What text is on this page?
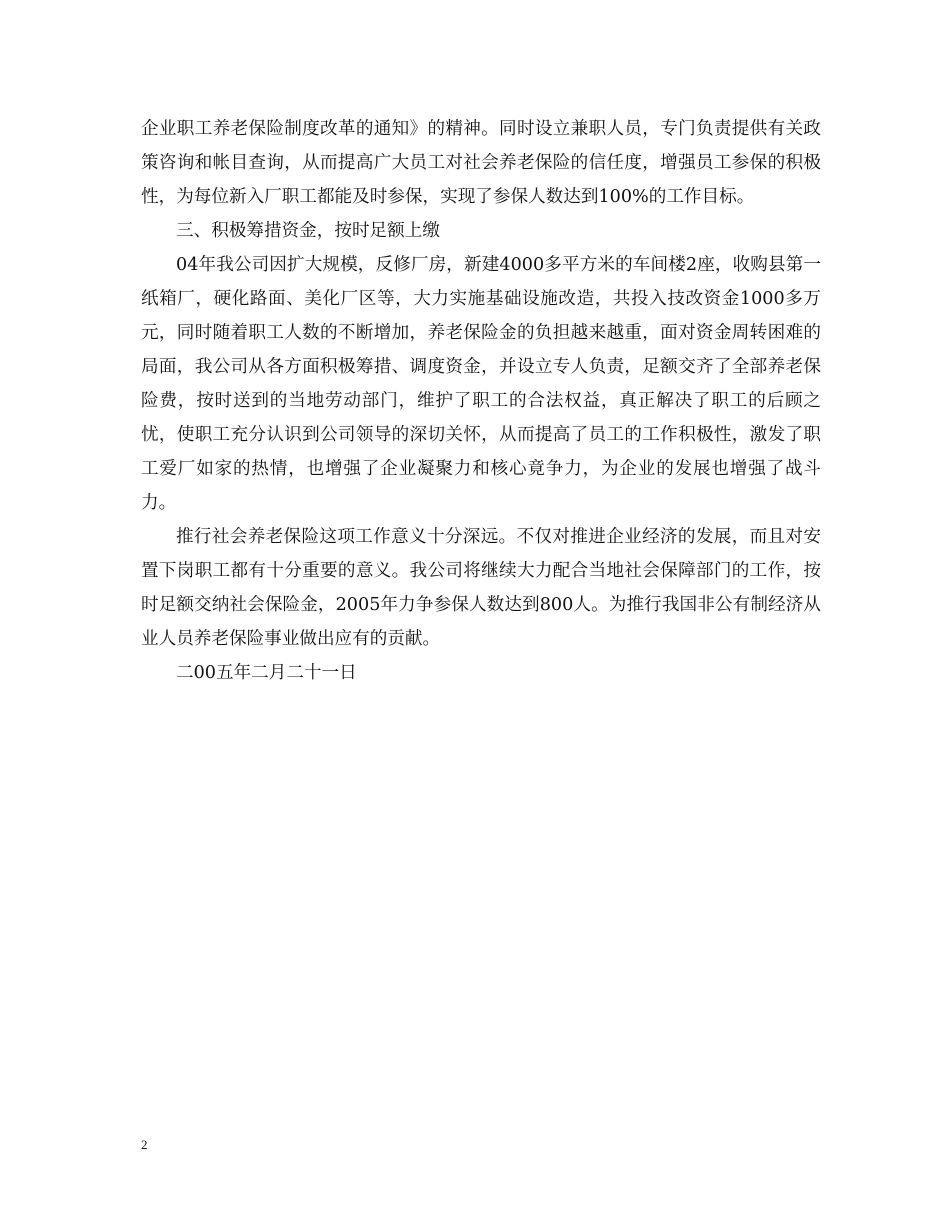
企业职工养老保险制度改革的通知》的精神。同时设立兼职人员，专门负责提供有关政策咨询和帐目查询，从而提高广大员工对社会养老保险的信任度，增强员工参保的积极性，为每位新入厂职工都能及时参保，实现了参保人数达到100%的工作目标。

三、积极筹措资金，按时足额上缴

04年我公司因扩大规模，反修厂房，新建4000多平方米的车间楼2座，收购县第一纸箱厂，硬化路面、美化厂区等，大力实施基础设施改造，共投入技改资金1000多万元，同时随着职工人数的不断增加，养老保险金的负担越来越重，面对资金周转困难的局面，我公司从各方面积极筹措、调度资金，并设立专人负责，足额交齐了全部养老保险费，按时送到的当地劳动部门，维护了职工的合法权益，真正解决了职工的后顾之忧，使职工充分认识到公司领导的深切关怀，从而提高了员工的工作积极性，激发了职工爱厂如家的热情，也增强了企业凝聚力和核心竟争力，为企业的发展也增强了战斗力。

推行社会养老保险这项工作意义十分深远。不仅对推进企业经济的发展，而且对安置下岗职工都有十分重要的意义。我公司将继续大力配合当地社会保障部门的工作，按时足额交纳社会保险金，2005年力争参保人数达到800人。为推行我国非公有制经济从业人员养老保险事业做出应有的贡献。

二00五年二月二十一日

2
